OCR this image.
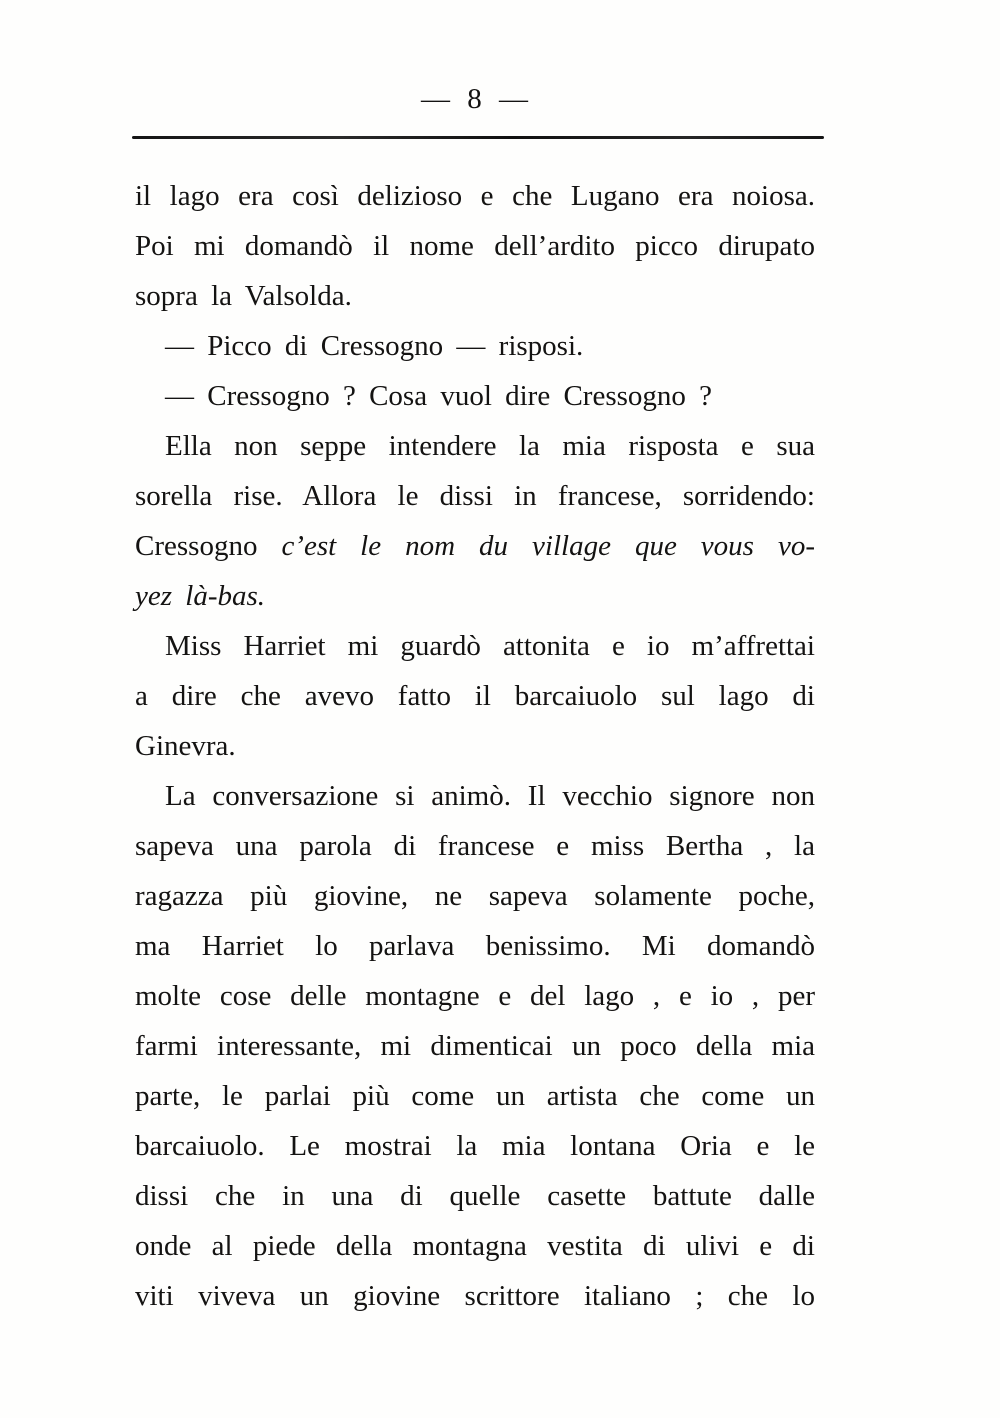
— 8 —
il lago era così delizioso e che Lugano era noiosa.
Poi mi domandò il nome dell’ardito picco dirupato
sopra la Valsolda.
— Picco di Cressogno — risposi.
— Cressogno ? Cosa vuol dire Cressogno ?
Ella non seppe intendere la mia risposta e sua
sorella rise. Allora le dissi in francese, sorridendo:
Cressogno c’est le nom du village que vous vo-
yez là-bas.
Miss Harriet mi guardò attonita e io m’affrettai
a dire che avevo fatto il barcaiuolo sul lago di
Ginevra.
La conversazione si animò. Il vecchio signore non
sapeva una parola di francese e miss Bertha , la
ragazza più giovine, ne sapeva solamente poche,
ma Harriet lo parlava benissimo. Mi domandò
molte cose delle montagne e del lago , e io , per
farmi interessante, mi dimenticai un poco della mia
parte, le parlai più come un artista che come un
barcaiuolo. Le mostrai la mia lontana Oria e le
dissi che in una di quelle casette battute dalle
onde al piede della montagna vestita di ulivi e di
viti viveva un giovine scrittore italiano ; che lo
